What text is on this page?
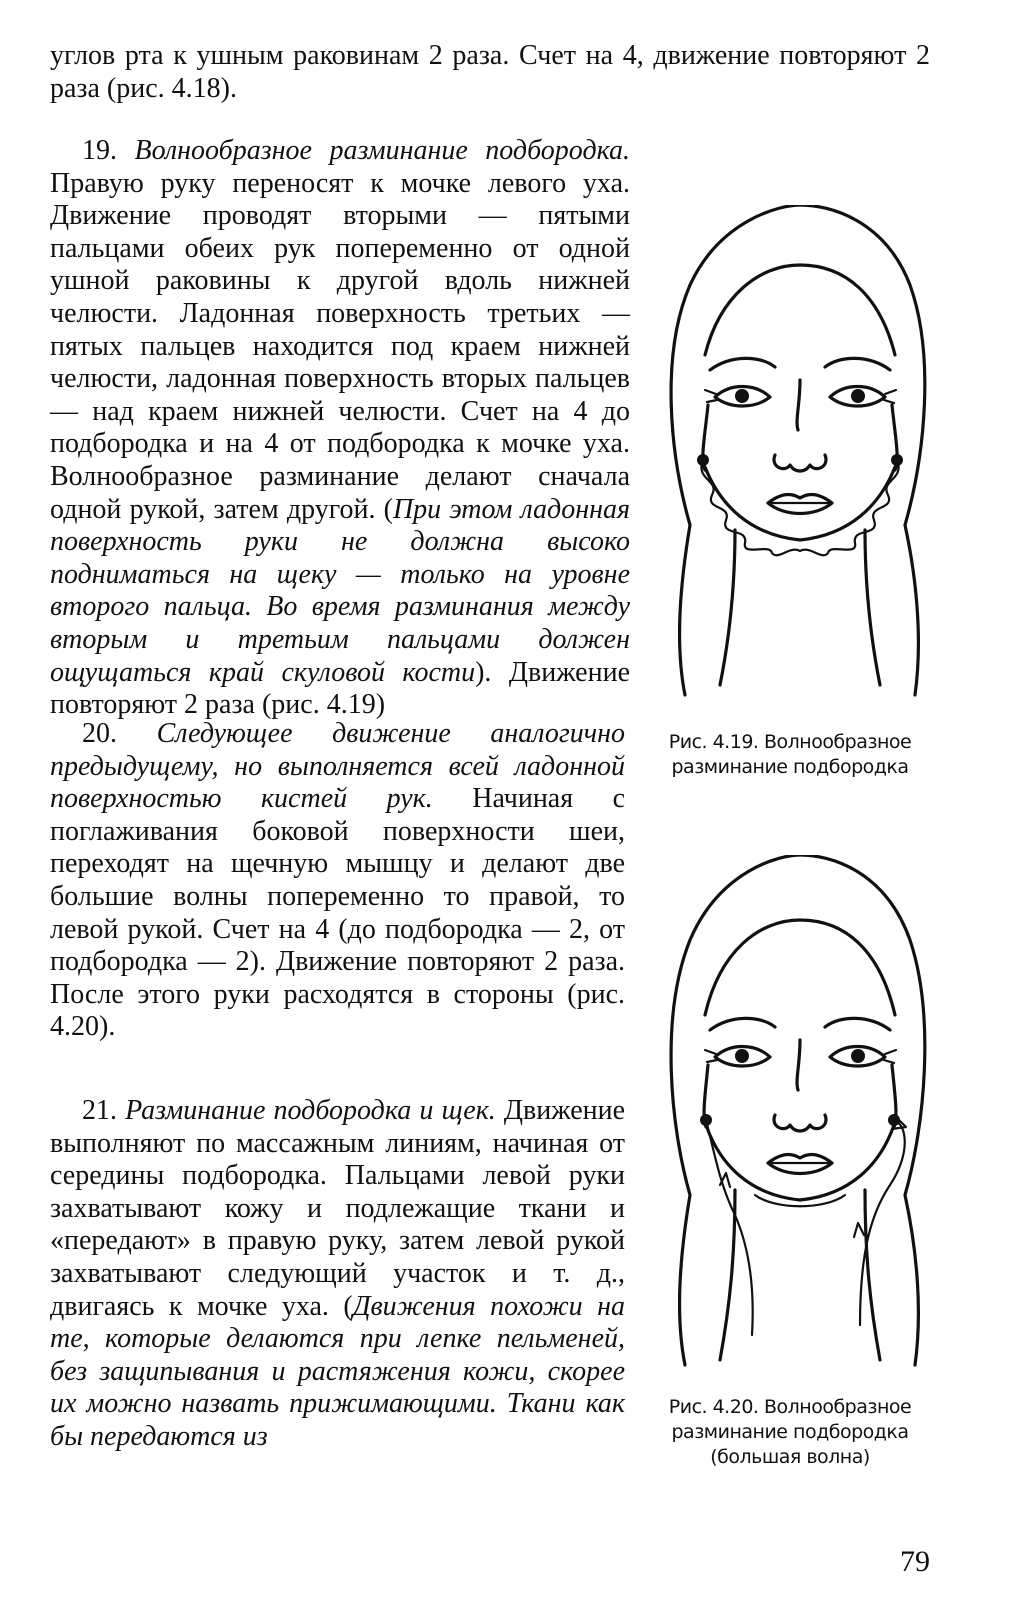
углов рта к ушным раковинам 2 раза. Счет на 4, движение повторяют 2 раза (рис. 4.18).

19. Волнообразное разминание подбородка. Правую руку переносят к мочке левого уха. Движение проводят вторыми — пятыми пальцами обеих рук попеременно от одной ушной раковины к другой вдоль нижней челюсти. Ладонная поверхность третьих — пятых пальцев находится под краем нижней челюсти, ладонная поверхность вторых пальцев — над краем нижней челюсти. Счет на 4 до подбородка и на 4 от подбородка к мочке уха. Волнообразное разминание делают сначала одной рукой, затем другой. (При этом ладонная поверхность руки не должна высоко подниматься на щеку — только на уровне второго пальца. Во время разминания между вторым и третьим пальцами должен ощущаться край скуловой кости). Движение повторяют 2 раза (рис. 4.19)

20. Следующее движение аналогично предыдущему, но выполняется всей ладонной поверхностью кистей рук. Начиная с поглаживания боковой поверхности шеи, переходят на щечную мышцу и делают две большие волны попеременно то правой, то левой рукой. Счет на 4 (до подбородка — 2, от подбородка — 2). Движение повторяют 2 раза. После этого руки расходятся в стороны (рис. 4.20).

21. Разминание подбородка и щек. Движение выполняют по массажным линиям, начиная от середины подбородка. Пальцами левой руки захватывают кожу и подлежащие ткани и «передают» в правую руку, затем левой рукой захватывают следующий участок и т. д., двигаясь к мочке уха. (Движения похожи на те, которые делаются при лепке пельменей, без защипывания и растяжения кожи, скорее их можно назвать прижимающими. Ткани как бы передаются из

Рис. 4.19. Волнообразное
разминание подбородка
Рис. 4.20. Волнообразное
разминание подбородка
(большая волна)
79
